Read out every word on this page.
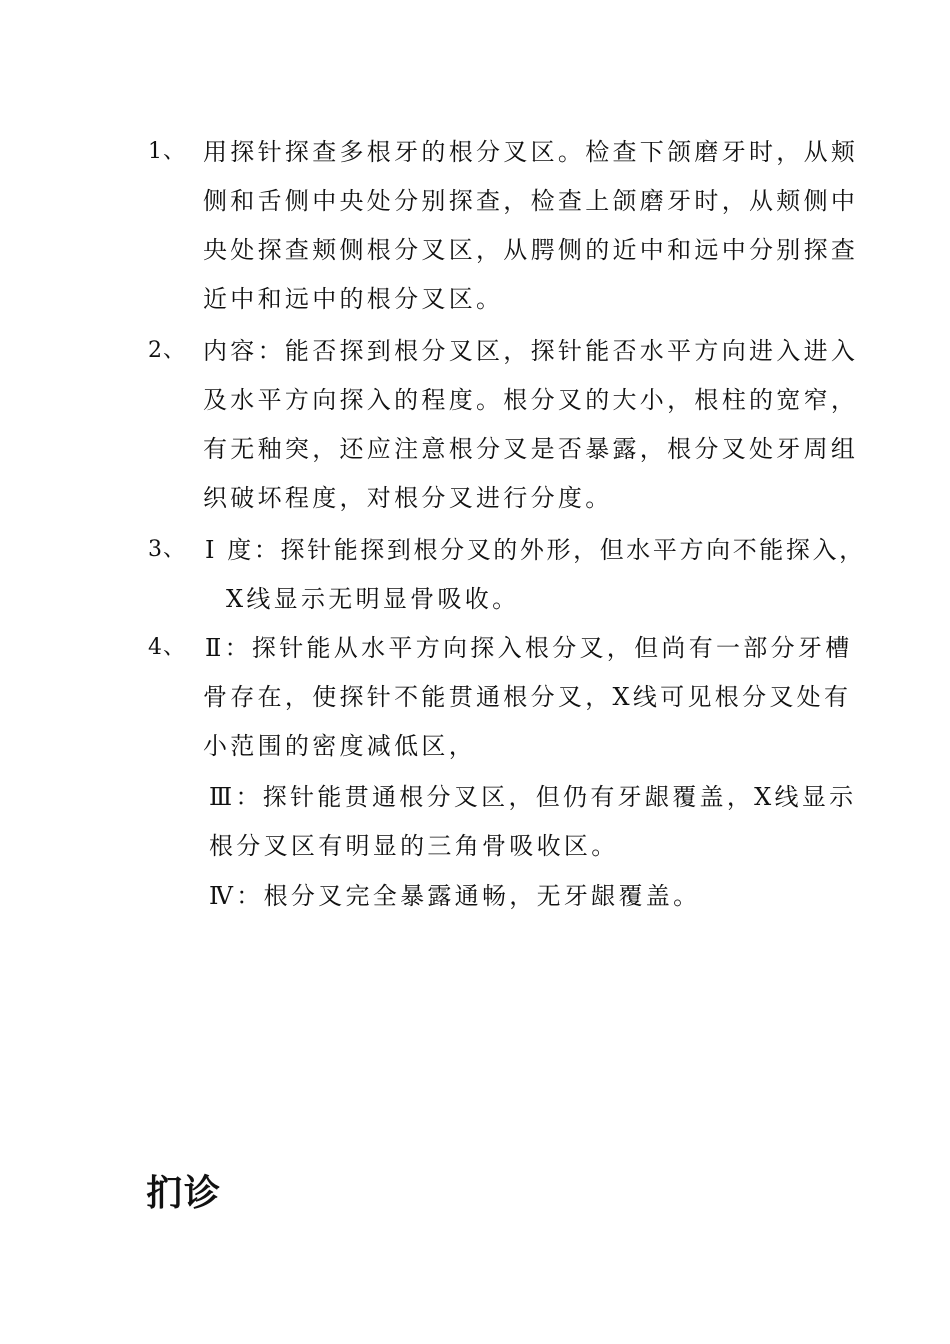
1、 用探针探查多根牙的根分叉区。检查下颌磨牙时，从颊
侧和舌侧中央处分别探查，检查上颌磨牙时，从颊侧中
央处探查颊侧根分叉区，从腭侧的近中和远中分别探查
近中和远中的根分叉区。
2、 内容：能否探到根分叉区，探针能否水平方向进入进入
及水平方向探入的程度。根分叉的大小，根柱的宽窄，
有无釉突，还应注意根分叉是否暴露，根分叉处牙周组
织破坏程度，对根分叉进行分度。
3、 Ⅰ 度：探针能探到根分叉的外形，但水平方向不能探入，
X线显示无明显骨吸收。
4、 Ⅱ：探针能从水平方向探入根分叉，但尚有一部分牙槽
骨存在，使探针不能贯通根分叉，X线可见根分叉处有
小范围的密度减低区，
Ⅲ：探针能贯通根分叉区，但仍有牙龈覆盖，X线显示
根分叉区有明显的三角骨吸收区。
Ⅳ：根分叉完全暴露通畅，无牙龈覆盖。
扪诊
